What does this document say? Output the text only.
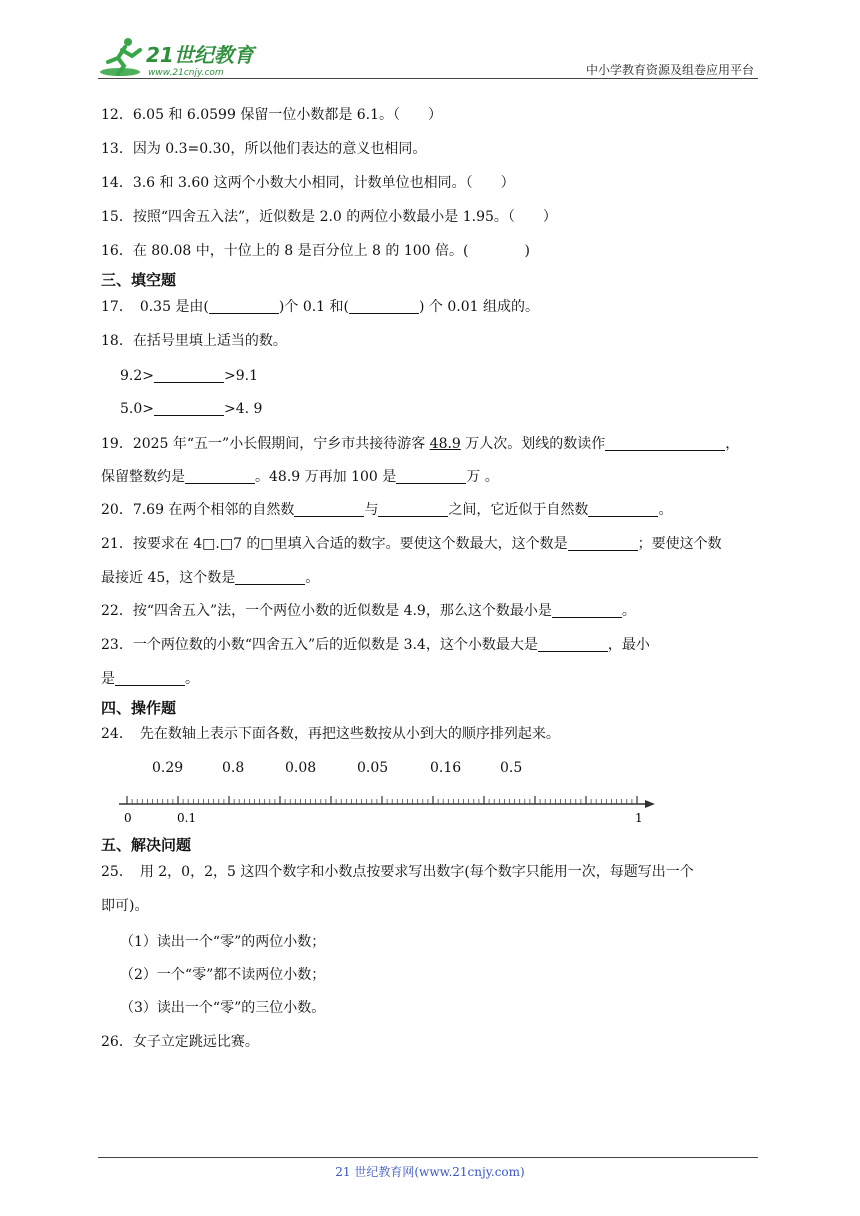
21世纪教育
www.21cnjy.com	中小学教育资源及组卷应用平台
12．6.05 和 6.0599 保留一位小数都是 6.1。（　　）
13．因为 0.3=0.30，所以他们表达的意义也相同。
14．3.6 和 3.60 这两个小数大小相同，计数单位也相同。（　　）
15．按照“四舍五入法”，近似数是 2.0 的两位小数最小是 1.95。（　　）
16．在 80.08 中，十位上的 8 是百分位上 8 的 100 倍。(　　　　)
三、填空题
17．　0.35 是由(	)个 0.1 和(	) 个 0.01 组成的。
18．在括号里填上适当的数。
9.2>	>9.1
5.0>	>4. 9
19．2025 年“五一”小长假期间，宁乡市共接待游客 48.9 万人次。划线的数读作	，
保留整数约是	。48.9 万再加 100 是	万 。
20．7.69 在两个相邻的自然数	与	之间，它近似于自然数	。
21．按要求在 4□.□7 的□里填入合适的数字。要使这个数最大，这个数是	；要使这个数
最接近 45，这个数是	。
22．按“四舍五入”法，一个两位小数的近似数是 4.9，那么这个数最小是	。
23．一个两位数的小数“四舍五入”后的近似数是 3.4，这个小数最大是	，最小
是	。
四、操作题
24．　先在数轴上表示下面各数，再把这些数按从小到大的顺序排列起来。
0.29	0.8	0.08	0.05	0.16	0.5
0	0.1	1
五、解决问题
25．　用 2，0，2，5 这四个数字和小数点按要求写出数字(每个数字只能用一次，每题写出一个
即可)。
（1）读出一个“零”的两位小数；
（2）一个“零”都不读两位小数；
（3）读出一个“零”的三位小数。
26．女子立定跳远比赛。
21 世纪教育网(www.21cnjy.com)
